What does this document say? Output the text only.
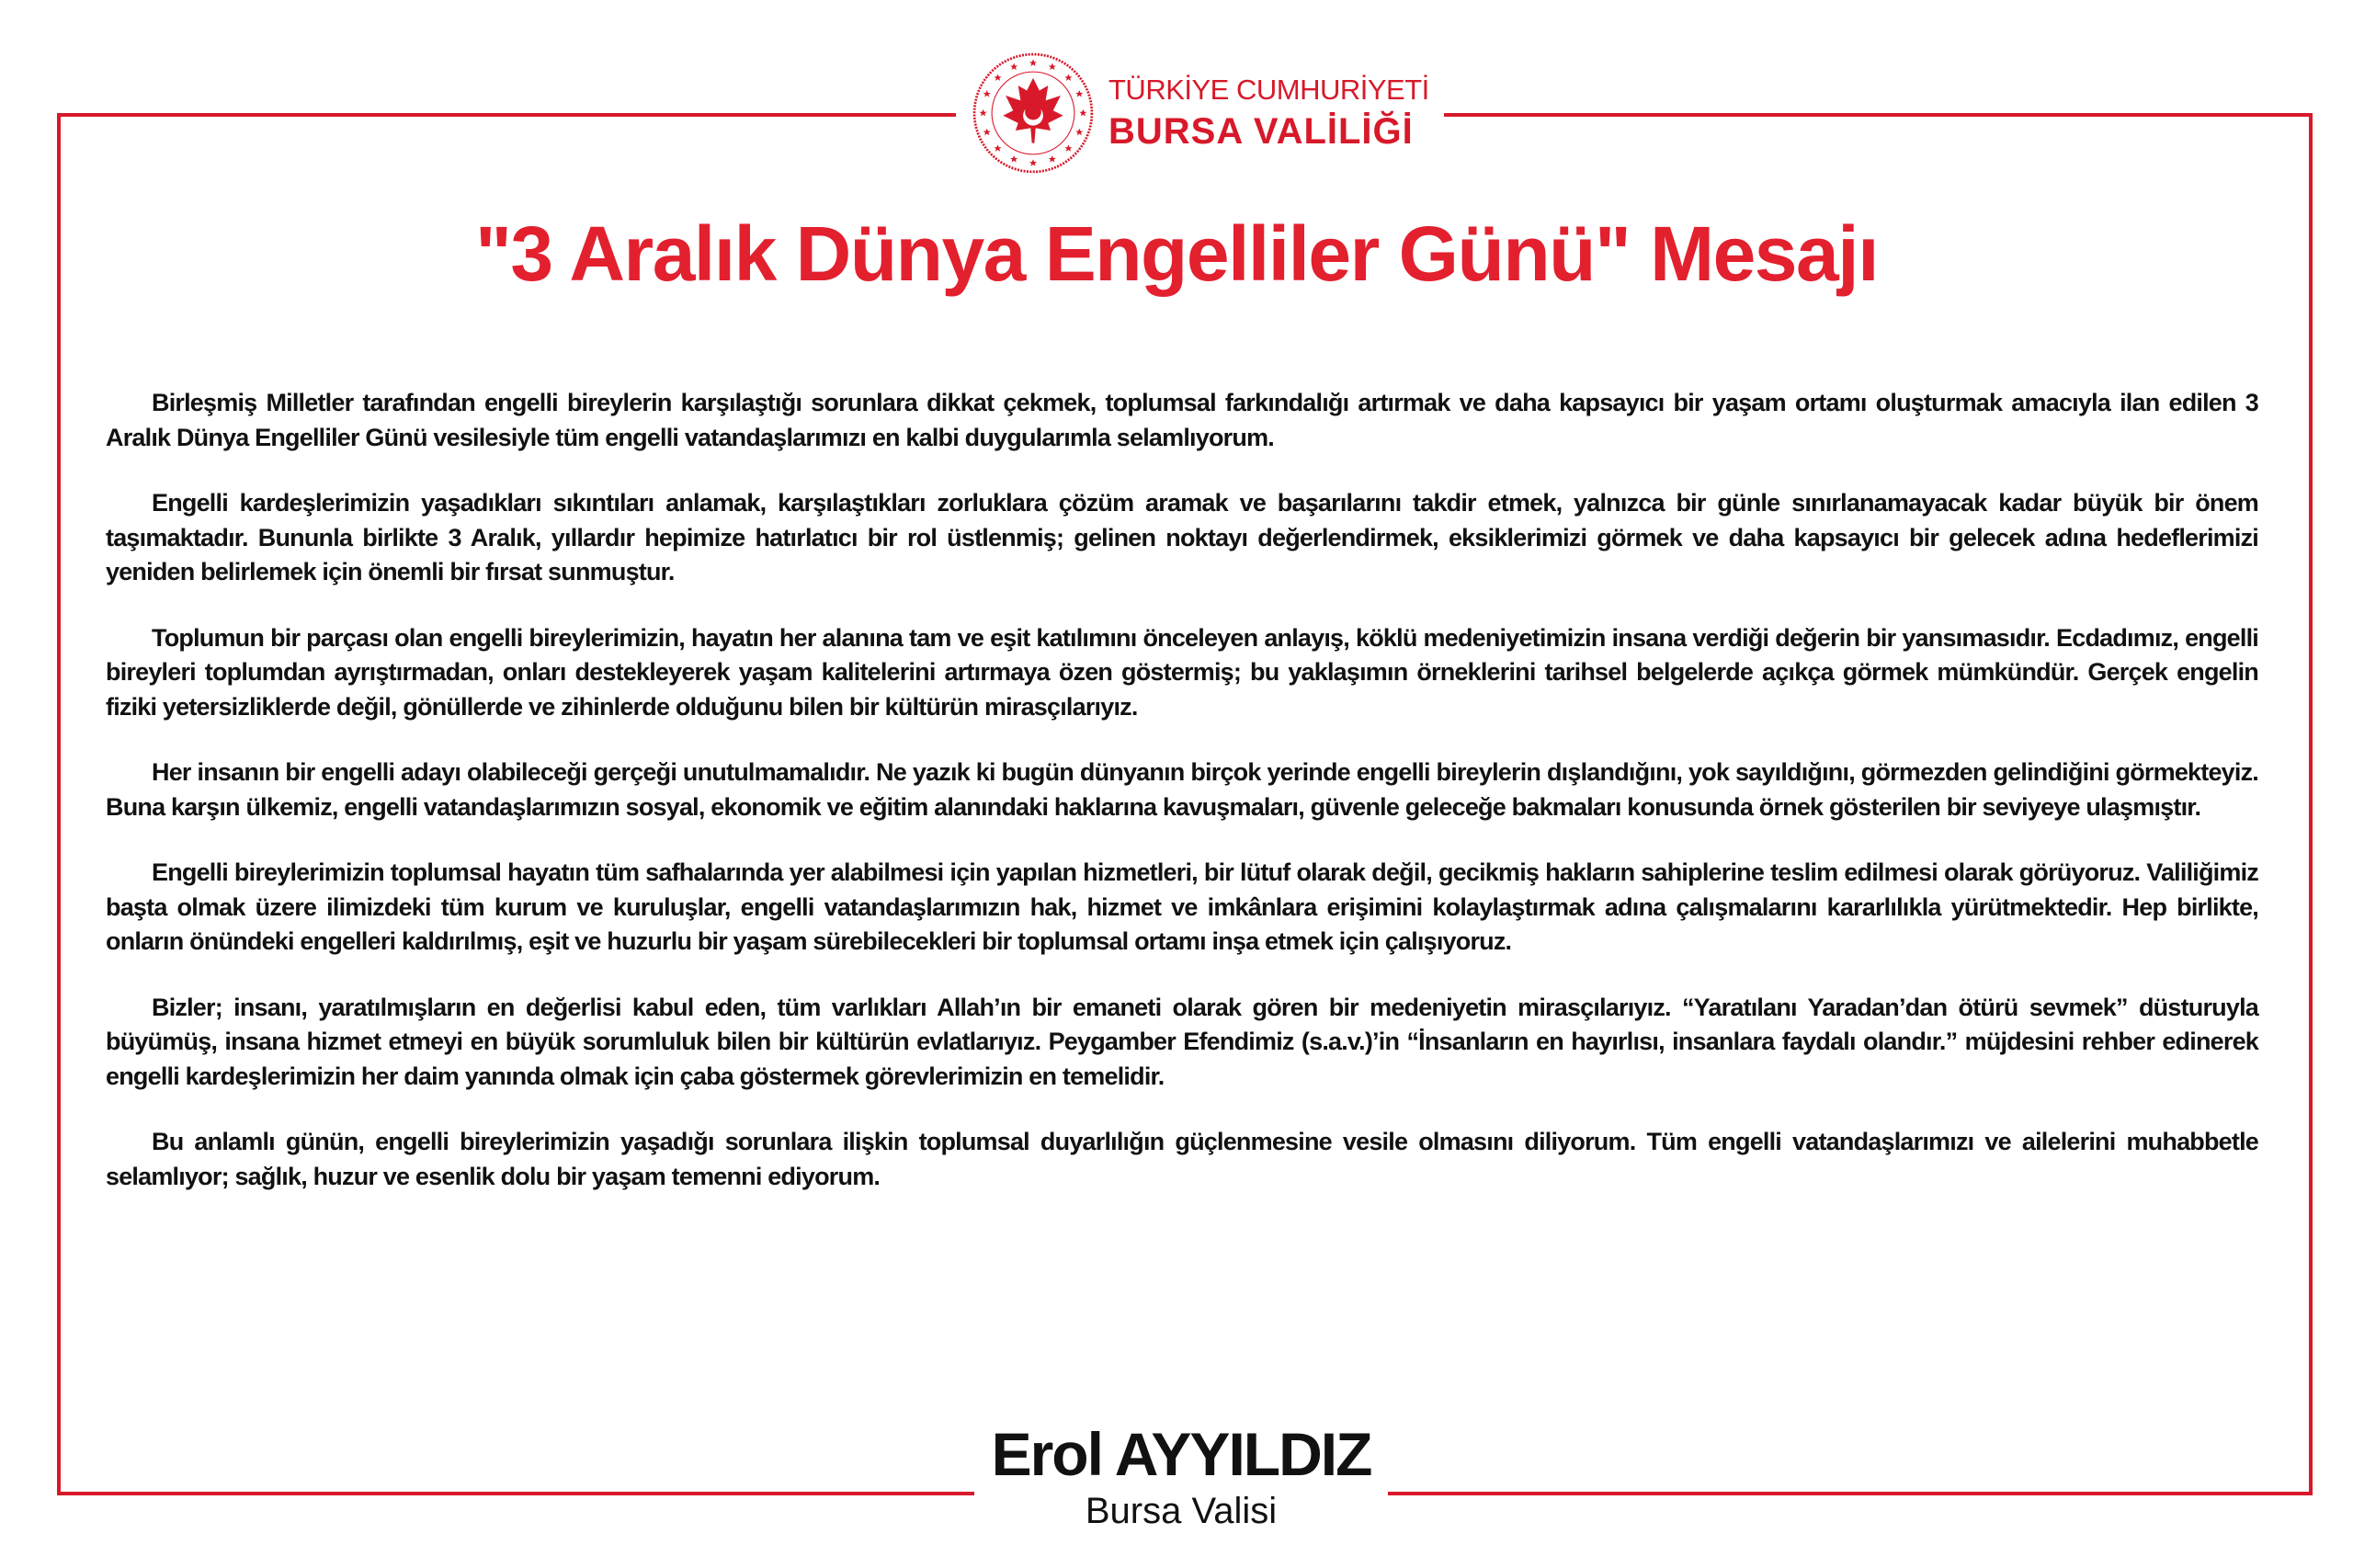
TÜRKİYE CUMHURİYETİ
BURSA VALİLİĞİ
"3 Aralık Dünya Engelliler Günü" Mesajı

Birleşmiş Milletler tarafından engelli bireylerin karşılaştığı sorunlara dikkat çekmek, toplumsal farkındalığı artırmak ve daha kapsayıcı bir yaşam ortamı oluşturmak amacıyla ilan edilen 3 Aralık Dünya Engelliler Günü vesilesiyle tüm engelli vatandaşlarımızı en kalbi duygularımla selamlıyorum.

Engelli kardeşlerimizin yaşadıkları sıkıntıları anlamak, karşılaştıkları zorluklara çözüm aramak ve başarılarını takdir etmek, yalnızca bir günle sınırlanamayacak kadar büyük bir önem taşımaktadır. Bununla birlikte 3 Aralık, yıllardır hepimize hatırlatıcı bir rol üstlenmiş; gelinen noktayı değerlendirmek, eksiklerimizi görmek ve daha kapsayıcı bir gelecek adına hedeflerimizi yeniden belirlemek için önemli bir fırsat sunmuştur.

Toplumun bir parçası olan engelli bireylerimizin, hayatın her alanına tam ve eşit katılımını önceleyen anlayış, köklü medeniyetimizin insana verdiği değerin bir yansımasıdır. Ecdadımız, engelli bireyleri toplumdan ayrıştırmadan, onları destekleyerek yaşam kalitelerini artırmaya özen göstermiş; bu yaklaşımın örneklerini tarihsel belgelerde açıkça görmek mümkündür. Gerçek engelin fiziki yetersizliklerde değil, gönüllerde ve zihinlerde olduğunu bilen bir kültürün mirasçılarıyız.

Her insanın bir engelli adayı olabileceği gerçeği unutulmamalıdır. Ne yazık ki bugün dünyanın birçok yerinde engelli bireylerin dışlandığını, yok sayıldığını, görmezden gelindiğini görmekteyiz. Buna karşın ülkemiz, engelli vatandaşlarımızın sosyal, ekonomik ve eğitim alanındaki haklarına kavuşmaları, güvenle geleceğe bakmaları konusunda örnek gösterilen bir seviyeye ulaşmıştır.

Engelli bireylerimizin toplumsal hayatın tüm safhalarında yer alabilmesi için yapılan hizmetleri, bir lütuf olarak değil, gecikmiş hakların sahiplerine teslim edilmesi olarak görüyoruz. Valiliğimiz başta olmak üzere ilimizdeki tüm kurum ve kuruluşlar, engelli vatandaşlarımızın hak, hizmet ve imkânlara erişimini kolaylaştırmak adına çalışmalarını kararlılıkla yürütmektedir. Hep birlikte, onların önündeki engelleri kaldırılmış, eşit ve huzurlu bir yaşam sürebilecekleri bir toplumsal ortamı inşa etmek için çalışıyoruz.

Bizler; insanı, yaratılmışların en değerlisi kabul eden, tüm varlıkları Allah’ın bir emaneti olarak gören bir medeniyetin mirasçılarıyız. “Yaratılanı Yaradan’dan ötürü sevmek” düsturuyla büyümüş, insana hizmet etmeyi en büyük sorumluluk bilen bir kültürün evlatlarıyız. Peygamber Efendimiz (s.a.v.)’in “İnsanların en hayırlısı, insanlara faydalı olandır.” müjdesini rehber edinerek engelli kardeşlerimizin her daim yanında olmak için çaba göstermek görevlerimizin en temelidir.

Bu anlamlı günün, engelli bireylerimizin yaşadığı sorunlara ilişkin toplumsal duyarlılığın güçlenmesine vesile olmasını diliyorum. Tüm engelli vatandaşlarımızı ve ailelerini muhabbetle selamlıyor; sağlık, huzur ve esenlik dolu bir yaşam temenni ediyorum.

Erol AYYILDIZ
Bursa Valisi
